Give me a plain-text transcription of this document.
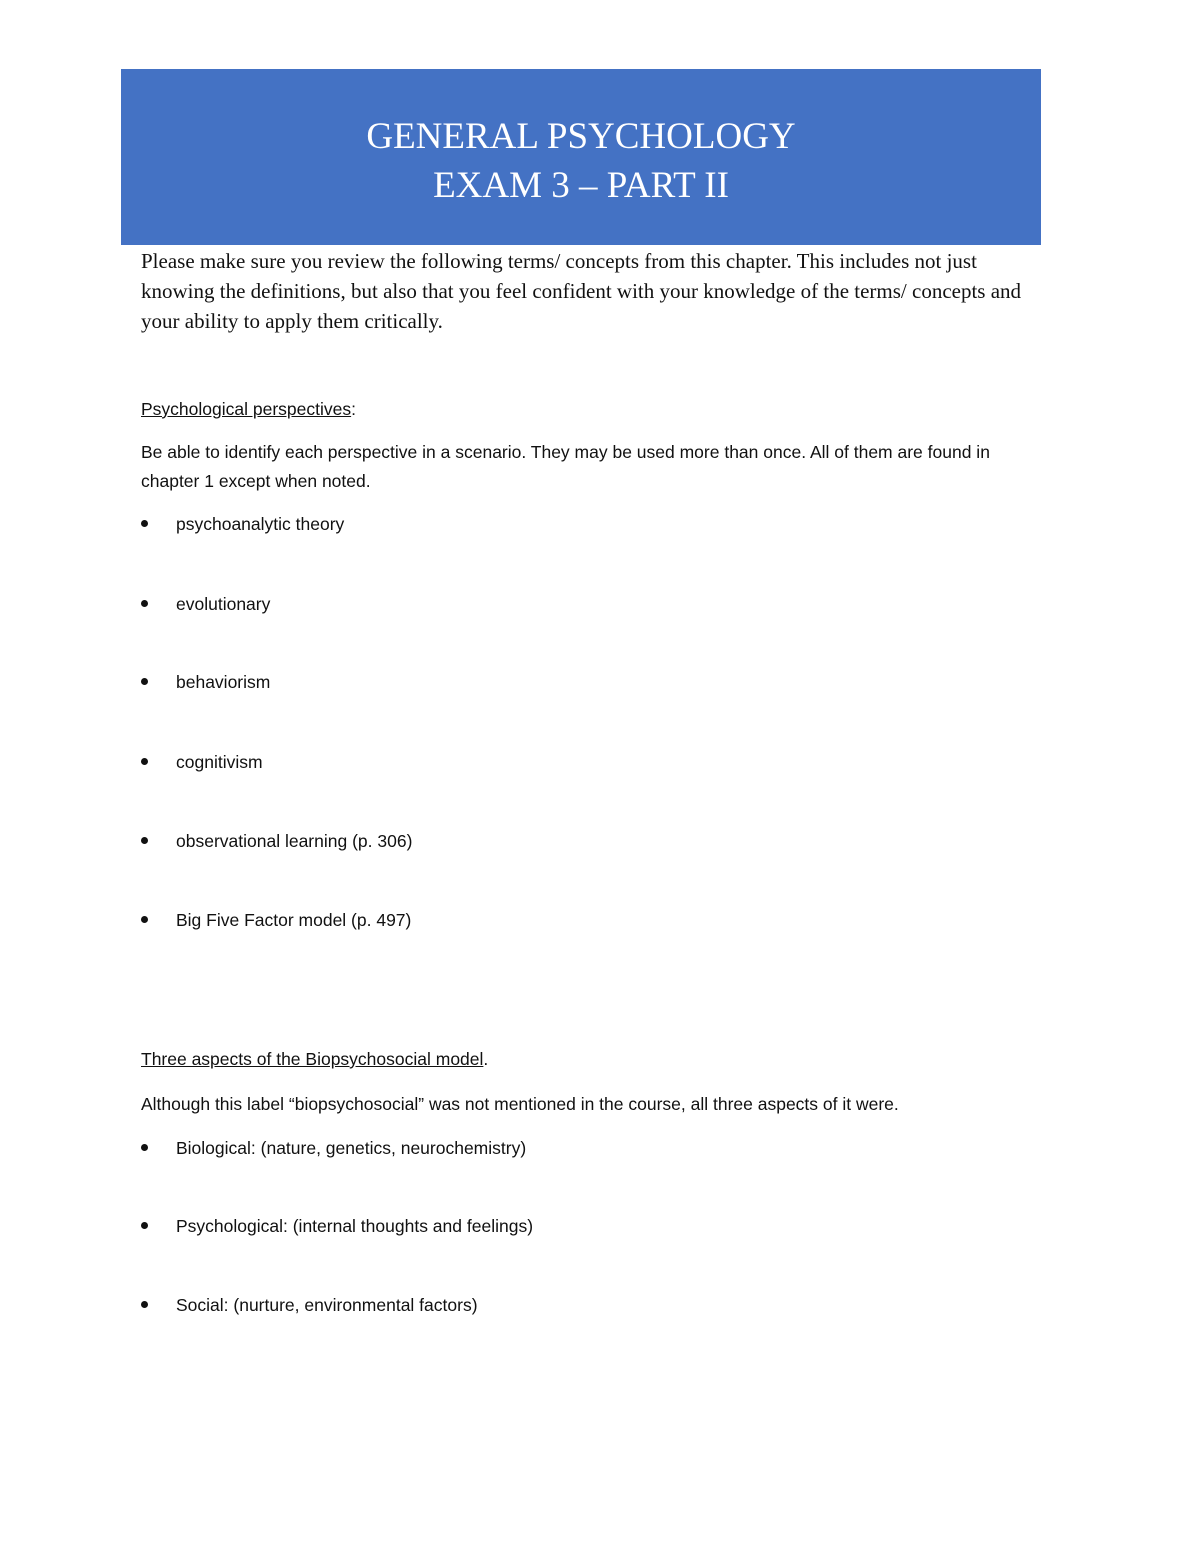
GENERAL PSYCHOLOGY
EXAM 3 – PART II

Please make sure you review the following terms/ concepts from this chapter. This includes not just knowing the definitions, but also that you feel confident with your knowledge of the terms/ concepts and your ability to apply them critically.

Psychological perspectives:

Be able to identify each perspective in a scenario. They may be used more than once. All of them are found in chapter 1 except when noted.

psychoanalytic theory
evolutionary
behaviorism
cognitivism
observational learning (p. 306)
Big Five Factor model (p. 497)

Three aspects of the Biopsychosocial model.

Although this label “biopsychosocial” was not mentioned in the course, all three aspects of it were.

Biological: (nature, genetics, neurochemistry)
Psychological: (internal thoughts and feelings)
Social: (nurture, environmental factors)
